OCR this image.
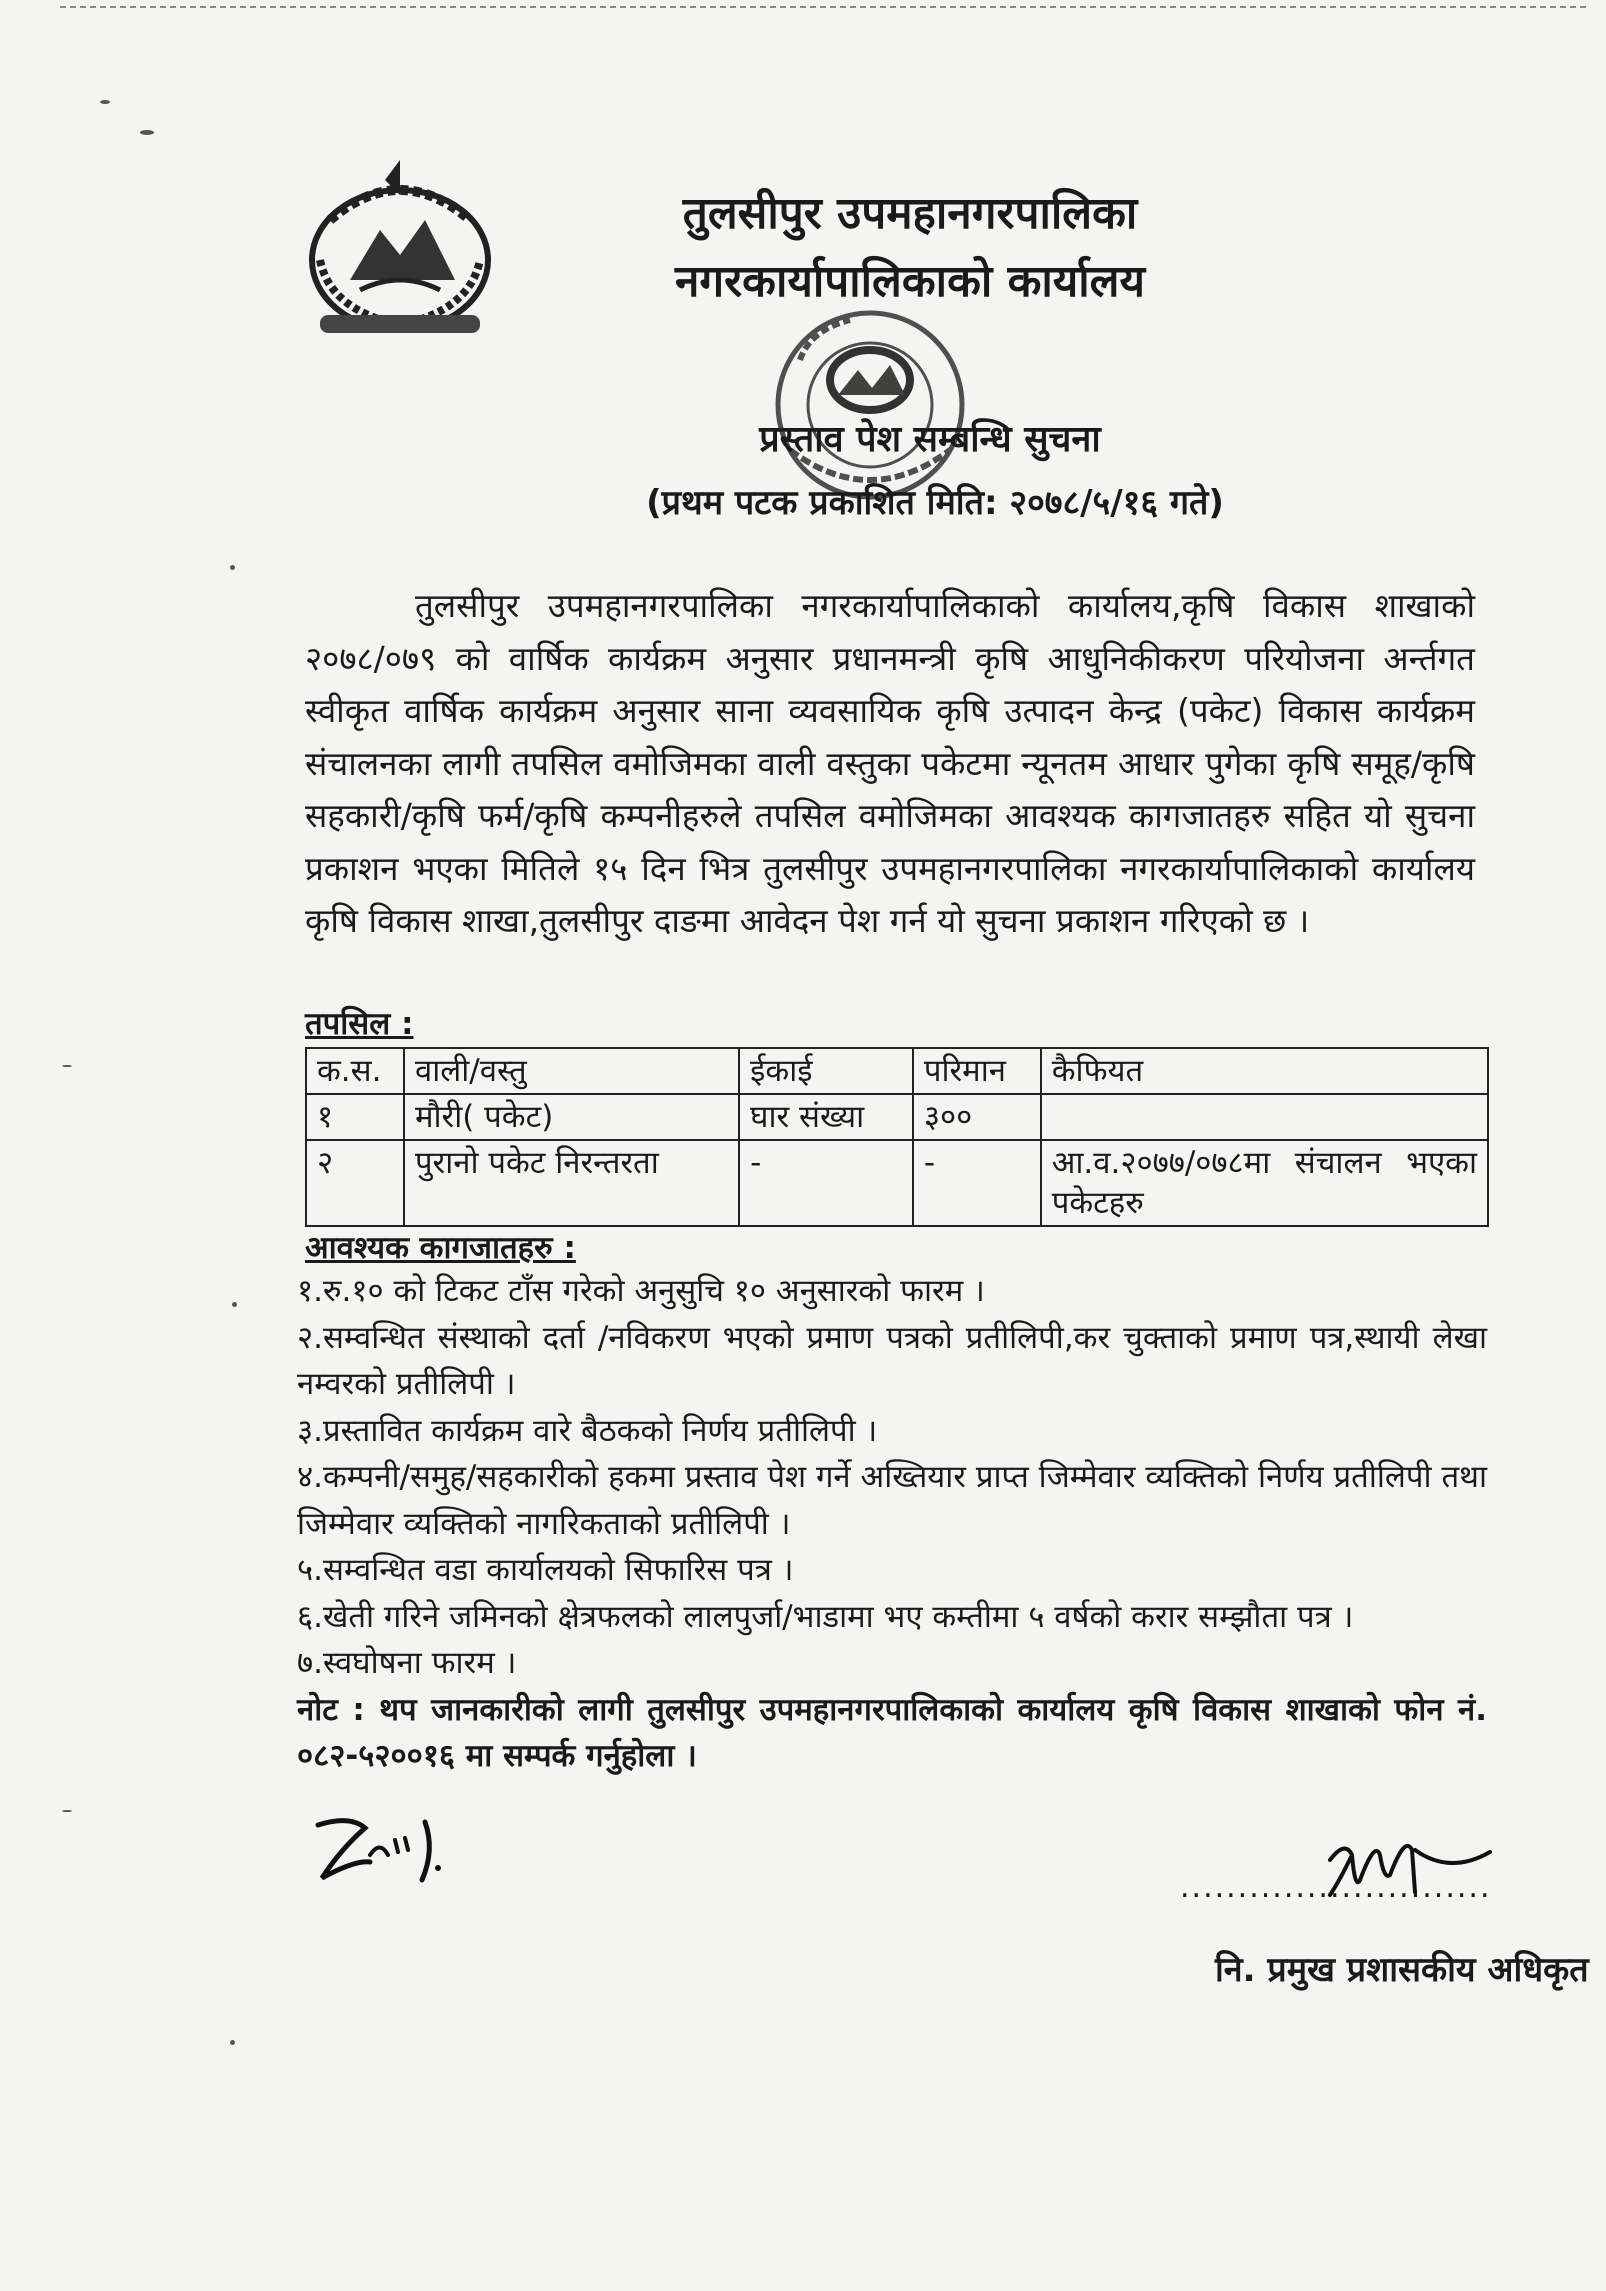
तुलसीपुर उपमहानगरपालिका
नगरकार्यापालिकाको कार्यालय
प्रस्ताव पेश सम्बन्धि सुचना
(प्रथम पटक प्रकाशित मिति: २०७८/५/१६ गते)
तुलसीपुर उपमहानगरपालिका नगरकार्यापालिकाको कार्यालय,कृषि विकास शाखाको २०७८/०७९ को वार्षिक कार्यक्रम अनुसार प्रधानमन्त्री कृषि आधुनिकीकरण परियोजना अर्न्तगत स्वीकृत वार्षिक कार्यक्रम अनुसार साना व्यवसायिक कृषि उत्पादन केन्द्र (पकेट) विकास कार्यक्रम संचालनका लागी तपसिल वमोजिमका वाली वस्तुका पकेटमा न्यूनतम आधार पुगेका कृषि समूह/कृषि सहकारी/कृषि फर्म/कृषि कम्पनीहरुले तपसिल वमोजिमका आवश्यक कागजातहरु सहित यो सुचना प्रकाशन भएका मितिले १५ दिन भित्र तुलसीपुर उपमहानगरपालिका नगरकार्यापालिकाको कार्यालय कृषि विकास शाखा,तुलसीपुर दाङमा आवेदन पेश गर्न यो सुचना प्रकाशन गरिएको छ ।
तपसिल :
क.स.	वाली/वस्तु	ईकाई	परिमान	कैफियत
१	मौरी( पकेट)	घार संख्या	३००	
२	पुरानो पकेट निरन्तरता	-	-	आ.व.२०७७/०७८मा संचालन भएका पकेटहरु
आवश्यक कागजातहरु :
१.रु.१० को टिकट टाँस गरेको अनुसुचि १० अनुसारको फारम ।
२.सम्वन्धित संस्थाको दर्ता /नविकरण भएको प्रमाण पत्रको प्रतीलिपी,कर चुक्ताको प्रमाण पत्र,स्थायी लेखा नम्वरको प्रतीलिपी ।
३.प्रस्तावित कार्यक्रम वारे बैठकको निर्णय प्रतीलिपी ।
४.कम्पनी/समुह/सहकारीको हकमा प्रस्ताव पेश गर्ने अख्तियार प्राप्त जिम्मेवार व्यक्तिको निर्णय प्रतीलिपी तथा जिम्मेवार व्यक्तिको नागरिकताको प्रतीलिपी ।
५.सम्वन्धित वडा कार्यालयको सिफारिस पत्र ।
६.खेती गरिने जमिनको क्षेत्रफलको लालपुर्जा/भाडामा भए कम्तीमा ५ वर्षको करार सम्झौता पत्र ।
७.स्वघोषना फारम ।
नोट : थप जानकारीको लागी तुलसीपुर उपमहानगरपालिकाको कार्यालय कृषि विकास शाखाको फोन नं. ०८२-५२००१६ मा सम्पर्क गर्नुहोला ।
...........................
नि. प्रमुख प्रशासकीय अधिकृत
